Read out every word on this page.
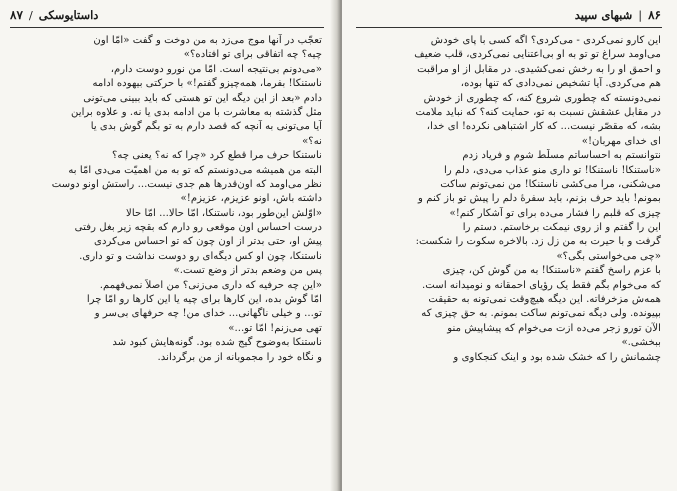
داستایوسکی
/
۸۷
تعجّب در آنها موج می‌زد به من دوخت و گفت «امّا اون
چیه؟ چه اتفاقی برای تو افتاده؟»
«می‌دونم بی‌نتیجه است. امّا من نورو دوست دارم،
ناستنکا! بفرما، همه‌چیزو گفتم!» با حرکتی بیهوده ادامه
دادم «بعد از این دیگه این تو هستی که باید ببینی می‌تونی
مثل گذشته به معاشرت با من ادامه بدی یا نه. و علاوه براین
آیا می‌تونی به آنچه که قصد دارم به تو بگم گوش بدی یا
نه؟»
ناستنکا حرف مرا قطع کرد «چرا که نه؟ یعنی چه؟
البته من همیشه می‌دونستم که تو به من اهمیّت می‌دی امّا به
نظر می‌اومد که اون‌قدرها هم جدی نیست... راستش اونو دوست
داشته باش، اونو عزیزم، عزیزم!»
«اوّلش این‌طور بود، ناستنکا، امّا حالا... امّا حالا
درست احساس اون موقعی رو دارم که بقچه زیر بغل رفتی
پیش او، حتی بدتر از اون چون که تو احساس می‌کردی
ناستنکا، چون او کس دیگه‌ای رو دوست نداشت و تو داری.
پس من وضعم بدتر از وضع تست.»
«این چه حرفیه که داری می‌زنی؟ من اصلاً نمی‌فهمم.
امّا گوش بده، این کارها برای چیه یا این کارها رو امّا چرا
تو... و خیلی ناگهانی... خدای من! چه حرفهای بی‌سر و
تهی می‌زنم! امّا تو...»
ناستنکا به‌وضوح گیج شده بود. گونه‌هایش کبود شد
و نگاه خود را مجموبانه از من برگرداند.
۸۶
|
شبهای سپید
این کارو نمی‌کردی - می‌کردی؟ اگه کسی با پای خودش
می‌اومد سراغ تو تو به او بی‌اعتنایی نمی‌کردی، قلب ضعیف
و احمق او را به رخش نمی‌کشیدی. در مقابل از او مراقبت
هم می‌کردی. آیا تشخیص نمی‌دادی که تنها بوده،
نمی‌دونسته که چطوری شروع کنه، که چطوری از خودش
در مقابل عشقش نسبت به تو، حمایت کنه؟ که نباید ملامت
بشه، که مقصّر نیست... که کار اشتباهی نکرده! ای خدا،
ای خدای مهربان!»
نتوانستم به احساساتم مسلّط شوم و فریاد زدم
«ناستنکا! ناستنکا! تو داری منو عذاب می‌دی، دلم را
می‌شکنی، مرا می‌کشی ناستنکا! من نمی‌تونم ساکت
بمونم! باید حرف بزنم، باید سفرهٔ دلم را پیش تو باز کنم و
چیزی که قلبم را فشار می‌ده برای تو آشکار کنم!»
این را گفتم و از روی نیمکت برخاستم. دستم را
گرفت و با حیرت به من زل زد. بالاخره سکوت را شکست:
«چی می‌خواستی بگی؟»
با عزم راسخ گفتم «ناستنکا! به من گوش کن، چیزی
که می‌خوام بگم فقط یک رؤیای احمقانه و نومیدانه است.
همه‌ش مزخرفاته. این دیگه هیچ‌وقت نمی‌تونه به حقیقت
بپیونده. ولی دیگه نمی‌تونم ساکت بمونم. به حق چیزی که
الآن تورو زجر می‌ده ازت می‌خوام که پیشاپیش منو
ببخشی.»
چشمانش را که خشک شده بود و اینک کنجکاوی و
